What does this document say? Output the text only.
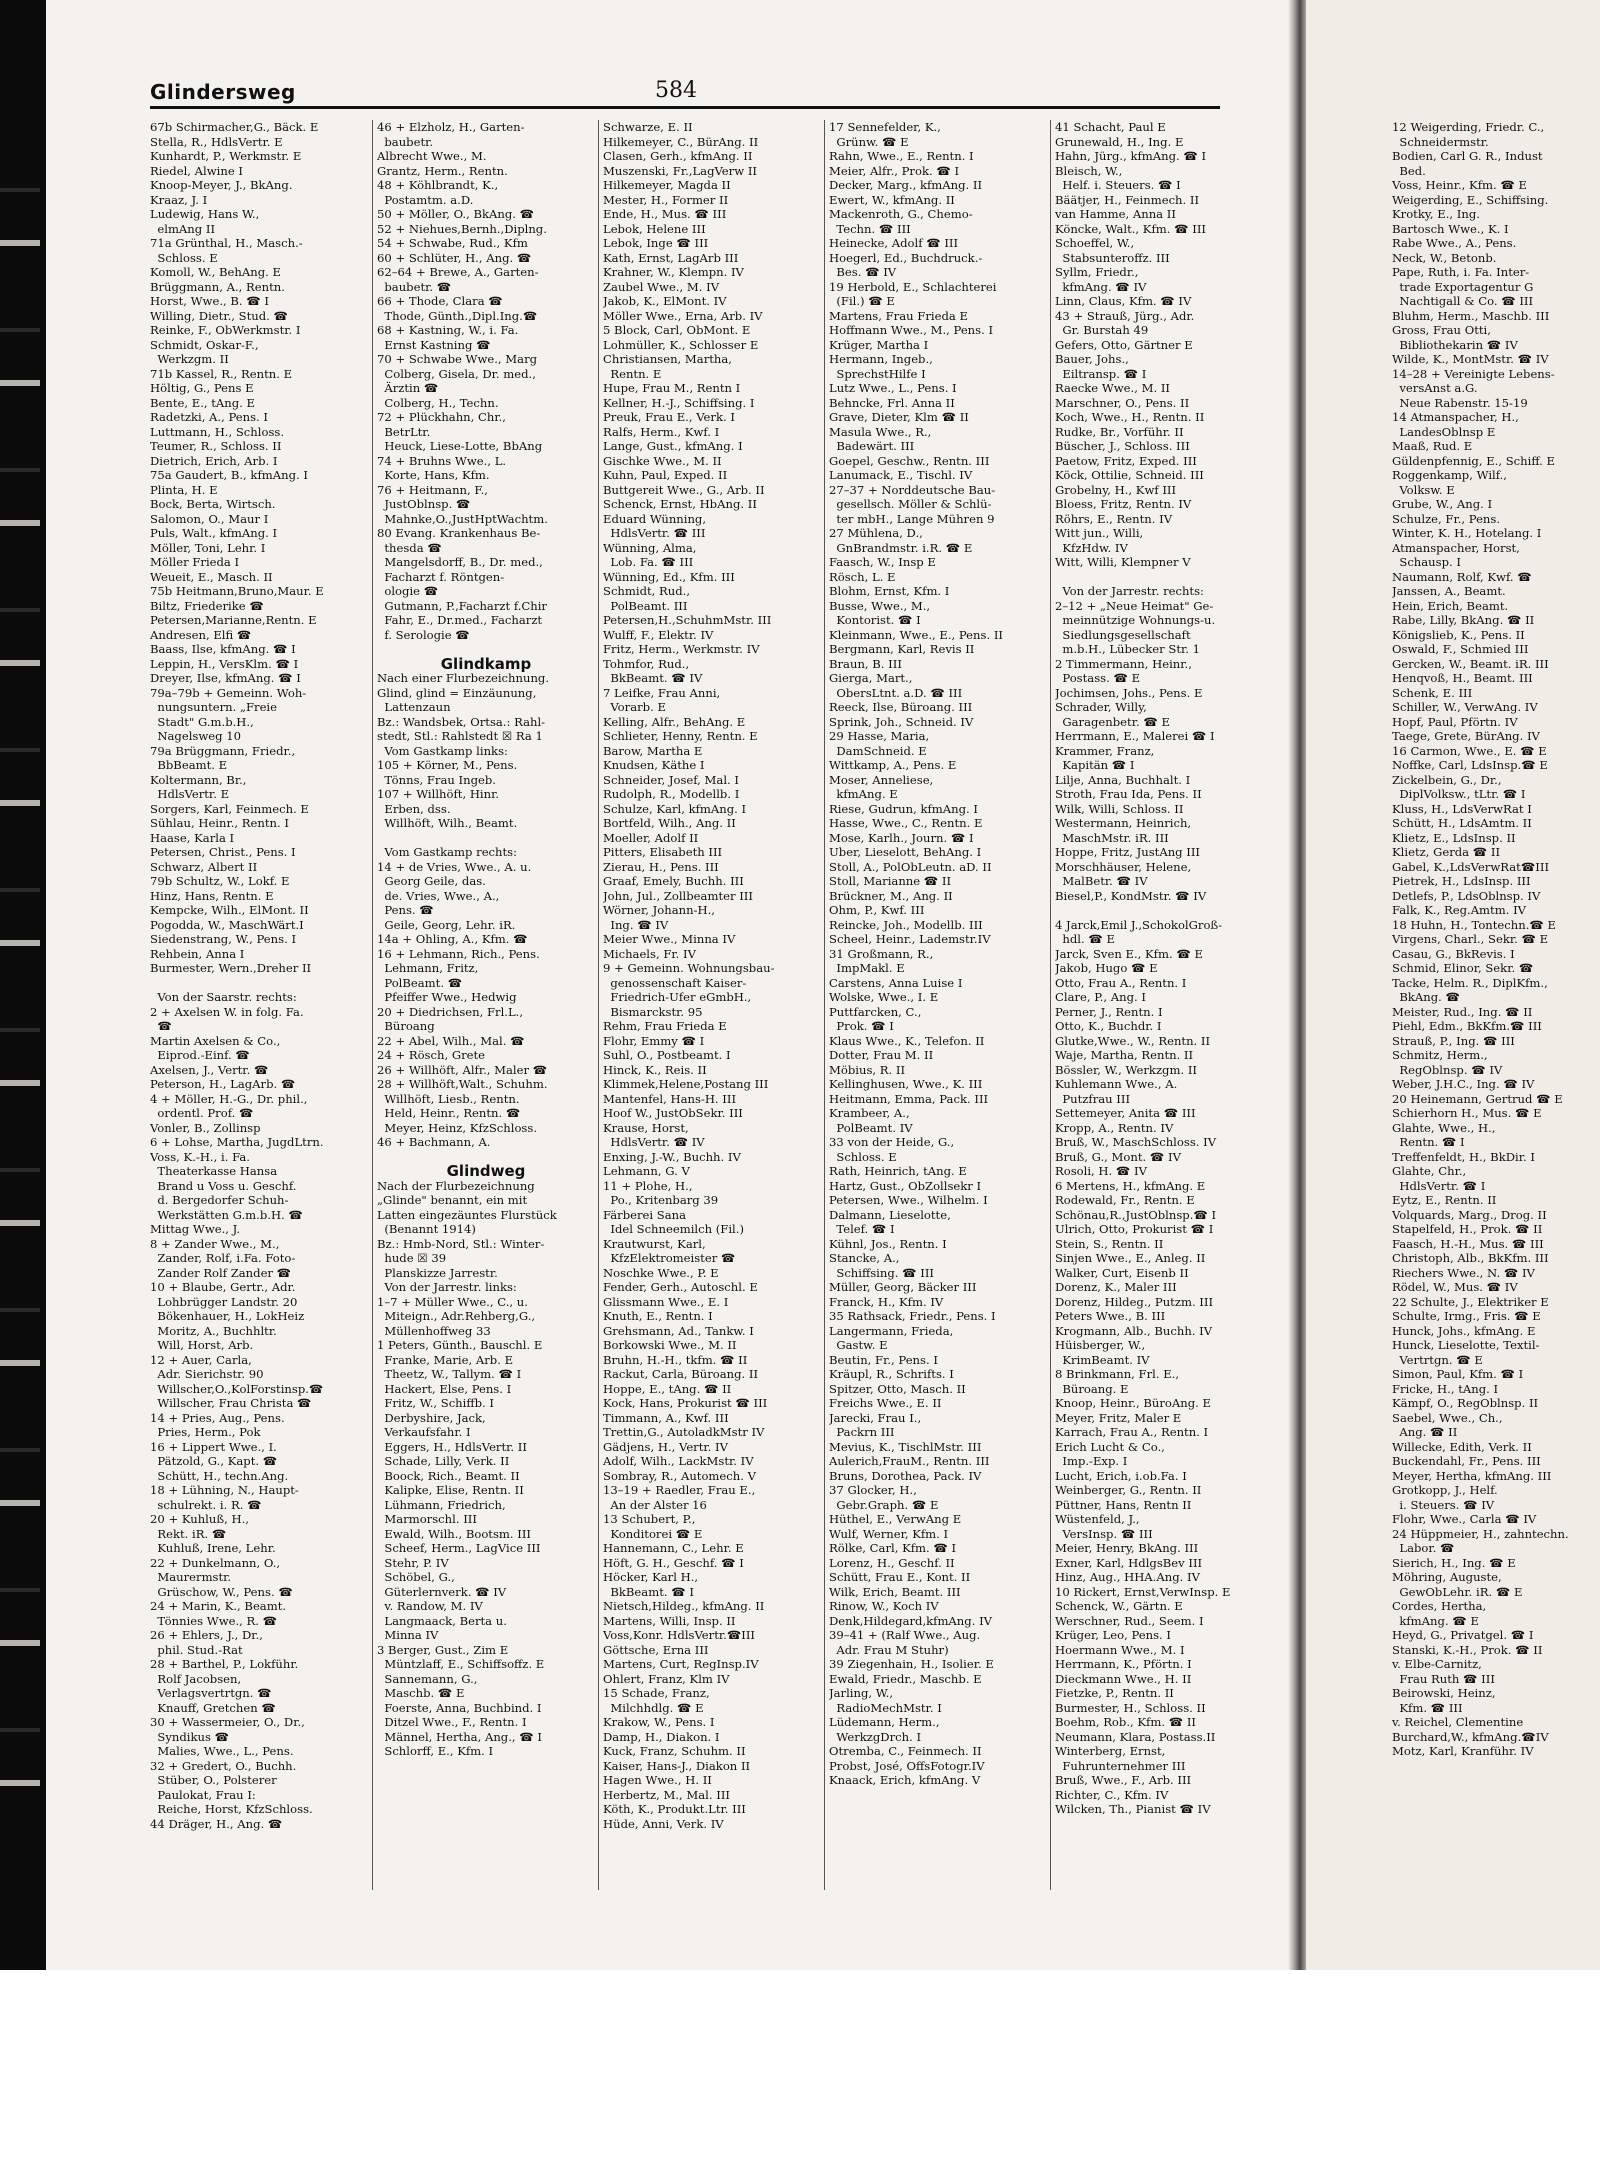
Glindersweg	584
67b Schirmacher,G., Bäck. E
Stella, R., HdlsVertr. E
Kunhardt, P., Werkmstr. E
Riedel, Alwine I
Knoop-Meyer, J., BkAng.
Kraaz, J. I
Ludewig, Hans W.,
elmAng II
71a Grünthal, H., Masch.-
Schloss. E
Komoll, W., BehAng. E
Brüggmann, A., Rentn.
Horst, Wwe., B. ☎ I
Willing, Dietr., Stud. ☎
Reinke, F., ObWerkmstr. I
Schmidt, Oskar-F.,
Werkzgm. II
71b Kassel, R., Rentn. E
Höltig, G., Pens E
Bente, E., tAng. E
Radetzki, A., Pens. I
Luttmann, H., Schloss.
Teumer, R., Schloss. II
Dietrich, Erich, Arb. I
75a Gaudert, B., kfmAng. I
Plinta, H. E
Bock, Berta, Wirtsch.
Salomon, O., Maur I
Puls, Walt., kfmAng. I
Möller, Toni, Lehr. I
Möller Frieda I
Weueit, E., Masch. II
75b Heitmann,Bruno,Maur. E
Biltz, Friederike ☎
Petersen,Marianne,Rentn. E
Andresen, Elfi ☎
Baass, Ilse, kfmAng. ☎ I
Leppin, H., VersKlm. ☎ I
Dreyer, Ilse, kfmAng. ☎ I
79a–79b + Gemeinn. Woh-
nungsuntern. „Freie
Stadt" G.m.b.H.,
Nagelsweg 10
79a Brüggmann, Friedr.,
BbBeamt. E
Koltermann, Br.,
HdlsVertr. E
Sorgers, Karl, Feinmech. E
Sühlau, Heinr., Rentn. I
Haase, Karla I
Petersen, Christ., Pens. I
Schwarz, Albert II
79b Schultz, W., Lokf. E
Hinz, Hans, Rentn. E
Kempcke, Wilh., ElMont. II
Pogodda, W., MaschWärt.I
Siedenstrang, W., Pens. I
Rehbein, Anna I
Burmester, Wern.,Dreher II

Von der Saarstr. rechts:
2 + Axelsen W. in folg. Fa.
☎
Martin Axelsen & Co.,
Eiprod.-Einf. ☎
Axelsen, J., Vertr. ☎
Peterson, H., LagArb. ☎
4 + Möller, H.-G., Dr. phil.,
ordentl. Prof. ☎
Vonler, B., Zollinsp
6 + Lohse, Martha, JugdLtrn.
Voss, K.-H., i. Fa.
Theaterkasse Hansa
Brand u Voss u. Geschf.
d. Bergedorfer Schuh-
Werkstätten G.m.b.H. ☎
Mittag Wwe., J.
8 + Zander Wwe., M.,
Zander, Rolf, i.Fa. Foto-
Zander Rolf Zander ☎
10 + Blaube, Gertr., Adr.
Lohbrügger Landstr. 20
Bökenhauer, H., LokHeiz
Moritz, A., Buchhltr.
Will, Horst, Arb.
12 + Auer, Carla,
Adr. Sierichstr. 90
Willscher,O.,KolForstinsp.☎
Willscher, Frau Christa ☎
14 + Pries, Aug., Pens.
Pries, Herm., Pok
16 + Lippert Wwe., I.
Pätzold, G., Kapt. ☎
Schütt, H., techn.Ang.
18 + Lühning, N., Haupt-
schulrekt. i. R. ☎
20 + Kuhluß, H.,
Rekt. iR. ☎
Kuhluß, Irene, Lehr.
22 + Dunkelmann, O.,
Maurermstr.
Grüschow, W., Pens. ☎
24 + Marin, K., Beamt.
Tönnies Wwe., R. ☎
26 + Ehlers, J., Dr.,
phil. Stud.-Rat
28 + Barthel, P., Lokführ.
Rolf Jacobsen,
Verlagsvertrtgn. ☎
Knauff, Gretchen ☎
30 + Wassermeier, O., Dr.,
Syndikus ☎
Malies, Wwe., L., Pens.
32 + Gredert, O., Buchh.
Stüber, O., Polsterer
Paulokat, Frau I:
Reiche, Horst, KfzSchloss.
44 Dräger, H., Ang. ☎
46 + Elzholz, H., Garten-
baubetr.
Albrecht Wwe., M.
Grantz, Herm., Rentn.
48 + Köhlbrandt, K.,
Postamtm. a.D.
50 + Möller, O., BkAng. ☎
52 + Niehues,Bernh.,Diplng.
54 + Schwabe, Rud., Kfm
60 + Schlüter, H., Ang. ☎
62–64 + Brewe, A., Garten-
baubetr. ☎
66 + Thode, Clara ☎
Thode, Günth.,Dipl.Ing.☎
68 + Kastning, W., i. Fa.
Ernst Kastning ☎
70 + Schwabe Wwe., Marg
Colberg, Gisela, Dr. med.,
Ärztin ☎
Colberg, H., Techn.
72 + Plückhahn, Chr.,
BetrLtr.
Heuck, Liese-Lotte, BbAng
74 + Bruhns Wwe., L.
Korte, Hans, Kfm.
76 + Heitmann, F.,
JustOblnsp. ☎
Mahnke,O.,JustHptWachtm.
80 Evang. Krankenhaus Be-
thesda ☎
Mangelsdorff, B., Dr. med.,
Facharzt f. Röntgen-
ologie ☎
Gutmann, P.,Facharzt f.Chir
Fahr, E., Dr.med., Facharzt
f. Serologie ☎

Glindkamp
Nach einer Flurbezeichnung.
Glind, glind = Einzäunung,
Lattenzaun
Bz.: Wandsbek, Ortsa.: Rahl-
stedt, Stl.: Rahlstedt ☒ Ra 1
Vom Gastkamp links:
105 + Körner, M., Pens.
Tönns, Frau Ingeb.
107 + Willhöft, Hinr.
Erben, dss.
Willhöft, Wilh., Beamt.

Vom Gastkamp rechts:
14 + de Vries, Wwe., A. u.
Georg Geile, das.
de. Vries, Wwe., A.,
Pens. ☎
Geile, Georg, Lehr. iR.
14a + Ohling, A., Kfm. ☎
16 + Lehmann, Rich., Pens.
Lehmann, Fritz,
PolBeamt. ☎
Pfeiffer Wwe., Hedwig
20 + Diedrichsen, Frl.L.,
Büroang
22 + Abel, Wilh., Mal. ☎
24 + Rösch, Grete
26 + Willhöft, Alfr., Maler ☎
28 + Willhöft,Walt., Schuhm.
Willhöft, Liesb., Rentn.
Held, Heinr., Rentn. ☎
Meyer, Heinz, KfzSchloss.
46 + Bachmann, A.

Glindweg
Nach der Flurbezeichnung
„Glinde" benannt, ein mit
Latten eingezäuntes Flurstück
(Benannt 1914)
Bz.: Hmb-Nord, Stl.: Winter-
hude ☒ 39
Planskizze Jarrestr.
Von der Jarrestr. links:
1–7 + Müller Wwe., C., u.
Miteign., Adr.Rehberg,G.,
Müllenhoffweg 33
1 Peters, Günth., Bauschl. E
Franke, Marie, Arb. E
Theetz, W., Tallym. ☎ I
Hackert, Else, Pens. I
Fritz, W., Schiffb. I
Derbyshire, Jack,
Verkaufsfahr. I
Eggers, H., HdlsVertr. II
Schade, Lilly, Verk. II
Boock, Rich., Beamt. II
Kalipke, Elise, Rentn. II
Lühmann, Friedrich,
Marmorschl. III
Ewald, Wilh., Bootsm. III
Scheef, Herm., LagVice III
Stehr, P. IV
Schöbel, G.,
Güterlernverk. ☎ IV
v. Randow, M. IV
Langmaack, Berta u.
Minna IV
3 Berger, Gust., Zim E
Müntzlaff, E., Schiffsoffz. E
Sannemann, G.,
Maschb. ☎ E
Foerste, Anna, Buchbind. I
Ditzel Wwe., F., Rentn. I
Männel, Hertha, Ang., ☎ I
Schlorff, E., Kfm. I
Schwarze, E. II
Hilkemeyer, C., BürAng. II
Clasen, Gerh., kfmAng. II
Muszenski, Fr.,LagVerw II
Hilkemeyer, Magda II
Mester, H., Former II
Ende, H., Mus. ☎ III
Lebok, Helene III
Lebok, Inge ☎ III
Kath, Ernst, LagArb III
Krahner, W., Klempn. IV
Zaubel Wwe., M. IV
Jakob, K., ElMont. IV
Möller Wwe., Erna, Arb. IV
5 Block, Carl, ObMont. E
Lohmüller, K., Schlosser E
Christiansen, Martha,
Rentn. E
Hupe, Frau M., Rentn I
Kellner, H.-J., Schiffsing. I
Preuk, Frau E., Verk. I
Ralfs, Herm., Kwf. I
Lange, Gust., kfmAng. I
Gischke Wwe., M. II
Kuhn, Paul, Exped. II
Buttgereit Wwe., G., Arb. II
Schenck, Ernst, HbAng. II
Eduard Wünning,
HdlsVertr. ☎ III
Wünning, Alma,
Lob. Fa. ☎ III
Wünning, Ed., Kfm. III
Schmidt, Rud.,
PolBeamt. III
Petersen,H.,SchuhmMstr. III
Wulff, F., Elektr. IV
Fritz, Herm., Werkmstr. IV
Tohmfor, Rud.,
BkBeamt. ☎ IV
7 Leifke, Frau Anni,
Vorarb. E
Kelling, Alfr., BehAng. E
Schlieter, Henny, Rentn. E
Barow, Martha E
Knudsen, Käthe I
Schneider, Josef, Mal. I
Rudolph, R., Modellb. I
Schulze, Karl, kfmAng. I
Bortfeld, Wilh., Ang. II
Moeller, Adolf II
Pitters, Elisabeth III
Zierau, H., Pens. III
Graaf, Emely, Buchh. III
John, Jul., Zollbeamter III
Wörner, Johann-H.,
Ing. ☎ IV
Meier Wwe., Minna IV
Michaels, Fr. IV
9 + Gemeinn. Wohnungsbau-
genossenschaft Kaiser-
Friedrich-Ufer eGmbH.,
Bismarckstr. 95
Rehm, Frau Frieda E
Flohr, Emmy ☎ I
Suhl, O., Postbeamt. I
Hinck, K., Reis. II
Klimmek,Helene,Postang III
Mantenfel, Hans-H. III
Hoof W., JustObSekr. III
Krause, Horst,
HdlsVertr. ☎ IV
Enxing, J.-W., Buchh. IV
Lehmann, G. V
11 + Plohe, H.,
Po., Kritenbarg 39
Färberei Sana
Idel Schneemilch (Fil.)
Krautwurst, Karl,
KfzElektromeister ☎
Noschke Wwe., P. E
Fender, Gerh., Autoschl. E
Glissmann Wwe., E. I
Knuth, E., Rentn. I
Grehsmann, Ad., Tankw. I
Borkowski Wwe., M. II
Bruhn, H.-H., tkfm. ☎ II
Rackut, Carla, Büroang. II
Hoppe, E., tAng. ☎ II
Kock, Hans, Prokurist ☎ III
Timmann, A., Kwf. III
Trettin,G., AutoladkMstr IV
Gädjens, H., Vertr. IV
Adolf, Wilh., LackMstr. IV
Sombray, R., Automech. V
13–19 + Raedler, Frau E.,
An der Alster 16
13 Schubert, P.,
Konditorei ☎ E
Hannemann, C., Lehr. E
Höft, G. H., Geschf. ☎ I
Höcker, Karl H.,
BkBeamt. ☎ I
Nietsch,Hildeg., kfmAng. II
Martens, Willi, Insp. II
Voss,Konr. HdlsVertr.☎III
Göttsche, Erna III
Martens, Curt, RegInsp.IV
Ohlert, Franz, Klm IV
15 Schade, Franz,
Milchhdlg. ☎ E
Krakow, W., Pens. I
Damp, H., Diakon. I
Kuck, Franz, Schuhm. II
Kaiser, Hans-J., Diakon II
Hagen Wwe., H. II
Herbertz, M., Mal. III
Köth, K., Produkt.Ltr. III
Hüde, Anni, Verk. IV
17 Sennefelder, K.,
Grünw. ☎ E
Rahn, Wwe., E., Rentn. I
Meier, Alfr., Prok. ☎ I
Decker, Marg., kfmAng. II
Ewert, W., kfmAng. II
Mackenroth, G., Chemo-
Techn. ☎ III
Heinecke, Adolf ☎ III
Hoegerl, Ed., Buchdruck.-
Bes. ☎ IV
19 Herbold, E., Schlachterei
(Fil.) ☎ E
Martens, Frau Frieda E
Hoffmann Wwe., M., Pens. I
Krüger, Martha I
Hermann, Ingeb.,
SprechstHilfe I
Lutz Wwe., L., Pens. I
Behncke, Frl. Anna II
Grave, Dieter, Klm ☎ II
Masula Wwe., R.,
Badewärt. III
Goepel, Geschw., Rentn. III
Lanumack, E., Tischl. IV
27–37 + Norddeutsche Bau-
gesellsch. Möller & Schlü-
ter mbH., Lange Mühren 9
27 Mühlena, D.,
GnBrandmstr. i.R. ☎ E
Faasch, W., Insp E
Rösch, L. E
Blohm, Ernst, Kfm. I
Busse, Wwe., M.,
Kontorist. ☎ I
Kleinmann, Wwe., E., Pens. II
Bergmann, Karl, Revis II
Braun, B. III
Gierga, Mart.,
ObersLtnt. a.D. ☎ III
Reeck, Ilse, Büroang. III
Sprink, Joh., Schneid. IV
29 Hasse, Maria,
DamSchneid. E
Wittkamp, A., Pens. E
Moser, Anneliese,
kfmAng. E
Riese, Gudrun, kfmAng. I
Hasse, Wwe., C., Rentn. E
Mose, Karlh., Journ. ☎ I
Uber, Lieselott, BehAng. I
Stoll, A., PolObLeutn. aD. II
Stoll, Marianne ☎ II
Brückner, M., Ang. II
Ohm, P., Kwf. III
Reincke, Joh., Modellb. III
Scheel, Heinr., Lademstr.IV
31 Großmann, R.,
ImpMakl. E
Carstens, Anna Luise I
Wolske, Wwe., I. E
Puttfarcken, C.,
Prok. ☎ I
Klaus Wwe., K., Telefon. II
Dotter, Frau M. II
Möbius, R. II
Kellinghusen, Wwe., K. III
Heitmann, Emma, Pack. III
Krambeer, A.,
PolBeamt. IV
33 von der Heide, G.,
Schloss. E
Rath, Heinrich, tAng. E
Hartz, Gust., ObZollsekr I
Petersen, Wwe., Wilhelm. I
Dalmann, Lieselotte,
Telef. ☎ I
Kühnl, Jos., Rentn. I
Stancke, A.,
Schiffsing. ☎ III
Müller, Georg, Bäcker III
Franck, H., Kfm. IV
35 Rathsack, Friedr., Pens. I
Langermann, Frieda,
Gastw. E
Beutin, Fr., Pens. I
Kräupl, R., Schrifts. I
Spitzer, Otto, Masch. II
Freichs Wwe., E. II
Jarecki, Frau I.,
Packrn III
Mevius, K., TischlMstr. III
Aulerich,FrauM., Rentn. III
Bruns, Dorothea, Pack. IV
37 Glocker, H.,
Gebr.Graph. ☎ E
Hüthel, E., VerwAng E
Wulf, Werner, Kfm. I
Rölke, Carl, Kfm. ☎ I
Lorenz, H., Geschf. II
Schütt, Frau E., Kont. II
Wilk, Erich, Beamt. III
Rinow, W., Koch IV
Denk,Hildegard,kfmAng. IV
39–41 + (Ralf Wwe., Aug.
Adr. Frau M Stuhr)
39 Ziegenhain, H., Isolier. E
Ewald, Friedr., Maschb. E
Jarling, W.,
RadioMechMstr. I
Lüdemann, Herm.,
WerkzgDrch. I
Otremba, C., Feinmech. II
Probst, José, OffsFotogr.IV
Knaack, Erich, kfmAng. V
41 Schacht, Paul E
Grunewald, H., Ing. E
Hahn, Jürg., kfmAng. ☎ I
Bleisch, W.,
Helf. i. Steuers. ☎ I
Bäätjer, H., Feinmech. II
van Hamme, Anna II
Köncke, Walt., Kfm. ☎ III
Schoeffel, W.,
Stabsunteroffz. III
Syllm, Friedr.,
kfmAng. ☎ IV
Linn, Claus, Kfm. ☎ IV
43 + Strauß, Jürg., Adr.
Gr. Burstah 49
Gefers, Otto, Gärtner E
Bauer, Johs.,
Eiltransp. ☎ I
Raecke Wwe., M. II
Marschner, O., Pens. II
Koch, Wwe., H., Rentn. II
Rudke, Br., Vorführ. II
Büscher, J., Schloss. III
Paetow, Fritz, Exped. III
Köck, Ottilie, Schneid. III
Grobelny, H., Kwf III
Bloess, Fritz, Rentn. IV
Röhrs, E., Rentn. IV
Witt jun., Willi,
KfzHdw. IV
Witt, Willi, Klempner V

Von der Jarrestr. rechts:
2–12 + „Neue Heimat" Ge-
meinnützige Wohnungs-u.
Siedlungsgesellschaft
m.b.H., Lübecker Str. 1
2 Timmermann, Heinr.,
Postass. ☎ E
Jochimsen, Johs., Pens. E
Schrader, Willy,
Garagenbetr. ☎ E
Herrmann, E., Malerei ☎ I
Krammer, Franz,
Kapitän ☎ I
Lilje, Anna, Buchhalt. I
Stroth, Frau Ida, Pens. II
Wilk, Willi, Schloss. II
Westermann, Heinrich,
MaschMstr. iR. III
Hoppe, Fritz, JustAng III
Morschhäuser, Helene,
MalBetr. ☎ IV
Biesel,P., KondMstr. ☎ IV

4 Jarck,Emil J.,SchokolGroß-
hdl. ☎ E
Jarck, Sven E., Kfm. ☎ E
Jakob, Hugo ☎ E
Otto, Frau A., Rentn. I
Clare, P., Ang. I
Perner, J., Rentn. I
Otto, K., Buchdr. I
Glutke,Wwe., W., Rentn. II
Waje, Martha, Rentn. II
Bössler, W., Werkzgm. II
Kuhlemann Wwe., A.
Putzfrau III
Settemeyer, Anita ☎ III
Kropp, A., Rentn. IV
Bruß, W., MaschSchloss. IV
Bruß, G., Mont. ☎ IV
Rosoli, H. ☎ IV
6 Mertens, H., kfmAng. E
Rodewald, Fr., Rentn. E
Schönau,R.,JustOblnsp.☎ I
Ulrich, Otto, Prokurist ☎ I
Stein, S., Rentn. II
Sinjen Wwe., E., Anleg. II
Walker, Curt, Eisenb II
Dorenz, K., Maler III
Dorenz, Hildeg., Putzm. III
Peters Wwe., B. III
Krogmann, Alb., Buchh. IV
Hüisberger, W.,
KrimBeamt. IV
8 Brinkmann, Frl. E.,
Büroang. E
Knoop, Heinr., BüroAng. E
Meyer, Fritz, Maler E
Karrach, Frau A., Rentn. I
Erich Lucht & Co.,
Imp.-Exp. I
Lucht, Erich, i.ob.Fa. I
Weinberger, G., Rentn. II
Püttner, Hans, Rentn II
Wüstenfeld, J.,
VersInsp. ☎ III
Meier, Henry, BkAng. III
Exner, Karl, HdlgsBev III
Hinz, Aug., HHA.Ang. IV
10 Rickert, Ernst,VerwInsp. E
Schenck, W., Gärtn. E
Werschner, Rud., Seem. I
Krüger, Leo, Pens. I
Hoermann Wwe., M. I
Herrmann, K., Pförtn. I
Dieckmann Wwe., H. II
Fietzke, P., Rentn. II
Burmester, H., Schloss. II
Boehm, Rob., Kfm. ☎ II
Neumann, Klara, Postass.II
Winterberg, Ernst,
Fuhrunternehmer III
Bruß, Wwe., F., Arb. III
Richter, C., Kfm. IV
Wilcken, Th., Pianist ☎ IV
12 Weigerding, Friedr. C.,
Schneidermstr.
Bodien, Carl G. R., Indust
Bed.
Voss, Heinr., Kfm. ☎ E
Weigerding, E., Schiffsing.
Krotky, E., Ing.
Bartosch Wwe., K. I
Rabe Wwe., A., Pens.
Neck, W., Betonb.
Pape, Ruth, i. Fa. Inter-
trade Exportagentur G
Nachtigall & Co. ☎ III
Bluhm, Herm., Maschb. III
Gross, Frau Otti,
Bibliothekarin ☎ IV
Wilde, K., MontMstr. ☎ IV
14–28 + Vereinigte Lebens-
versAnst a.G.
Neue Rabenstr. 15-19
14 Atmanspacher, H.,
LandesOblnsp E
Maaß, Rud. E
Güldenpfennig, E., Schiff. E
Roggenkamp, Wilf.,
Volksw. E
Grube, W., Ang. I
Schulze, Fr., Pens.
Winter, K. H., Hotelang. I
Atmanspacher, Horst,
Schausp. I
Naumann, Rolf, Kwf. ☎
Janssen, A., Beamt.
Hein, Erich, Beamt.
Rabe, Lilly, BkAng. ☎ II
Königslieb, K., Pens. II
Oswald, F., Schmied III
Gercken, W., Beamt. iR. III
Henqvoß, H., Beamt. III
Schenk, E. III
Schiller, W., VerwAng. IV
Hopf, Paul, Pförtn. IV
Taege, Grete, BürAng. IV
16 Carmon, Wwe., E. ☎ E
Noffke, Carl, LdsInsp.☎ E
Zickelbein, G., Dr.,
DiplVolksw., tLtr. ☎ I
Kluss, H., LdsVerwRat I
Schütt, H., LdsAmtm. II
Klietz, E., LdsInsp. II
Klietz, Gerda ☎ II
Gabel, K.,LdsVerwRat☎III
Pietrek, H., LdsInsp. III
Detlefs, P., LdsOblnsp. IV
Falk, K., Reg.Amtm. IV
18 Huhn, H., Tontechn.☎ E
Virgens, Charl., Sekr. ☎ E
Casau, G., BkRevis. I
Schmid, Elinor, Sekr. ☎
Tacke, Helm. R., DiplKfm.,
BkAng. ☎
Meister, Rud., Ing. ☎ II
Piehl, Edm., BkKfm.☎ III
Strauß, P., Ing. ☎ III
Schmitz, Herm.,
RegOblnsp. ☎ IV
Weber, J.H.C., Ing. ☎ IV
20 Heinemann, Gertrud ☎ E
Schierhorn H., Mus. ☎ E
Glahte, Wwe., H.,
Rentn. ☎ I
Treffenfeldt, H., BkDir. I
Glahte, Chr.,
HdlsVertr. ☎ I
Eytz, E., Rentn. II
Volquards, Marg., Drog. II
Stapelfeld, H., Prok. ☎ II
Faasch, H.-H., Mus. ☎ III
Christoph, Alb., BkKfm. III
Riechers Wwe., N. ☎ IV
Rödel, W., Mus. ☎ IV
22 Schulte, J., Elektriker E
Schulte, Irmg., Fris. ☎ E
Hunck, Johs., kfmAng. E
Hunck, Lieselotte, Textil-
Vertrtgn. ☎ E
Simon, Paul, Kfm. ☎ I
Fricke, H., tAng. I
Kämpf, O., RegOblnsp. II
Saebel, Wwe., Ch.,
Ang. ☎ II
Willecke, Edith, Verk. II
Buckendahl, Fr., Pens. III
Meyer, Hertha, kfmAng. III
Grotkopp, J., Helf.
i. Steuers. ☎ IV
Flohr, Wwe., Carla ☎ IV
24 Hüppmeier, H., zahntechn.
Labor. ☎
Sierich, H., Ing. ☎ E
Möhring, Auguste,
GewObLehr. iR. ☎ E
Cordes, Hertha,
kfmAng. ☎ E
Heyd, G., Privatgel. ☎ I
Stanski, K.-H., Prok. ☎ II
v. Elbe-Carnitz,
Frau Ruth ☎ III
Beirowski, Heinz,
Kfm. ☎ III
v. Reichel, Clementine
Burchard,W., kfmAng.☎IV
Motz, Karl, Kranführ. IV
